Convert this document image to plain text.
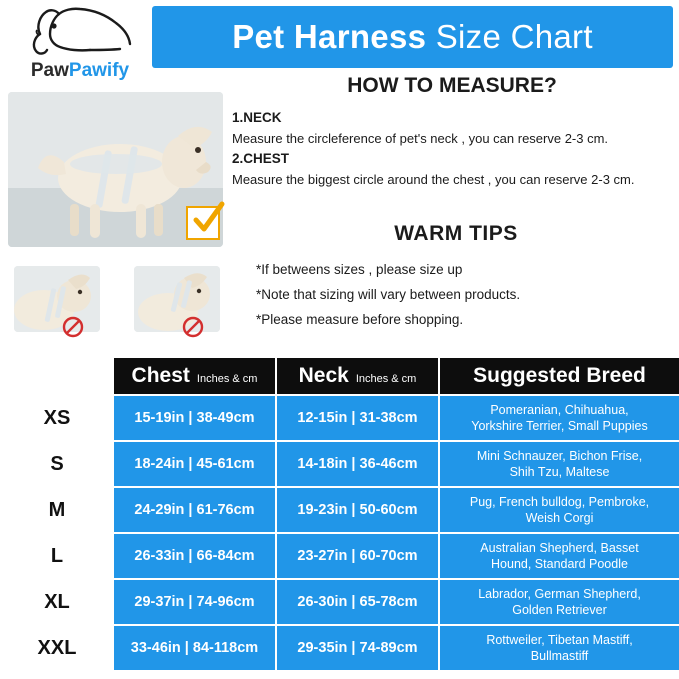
Pet Harness Size Chart
PawPawify
HOW TO MEASURE?
1.NECK
Measure the circleference of pet's neck , you can reserve 2-3 cm.
2.CHEST
Measure the biggest circle around the chest , you can reserve 2-3 cm.
WARM TIPS
*If betweens sizes , please size up
*Note that sizing will vary between products.
*Please measure before shopping.

	Chest Inches & cm	Neck Inches & cm	Suggested Breed
XS	15-19in | 38-49cm	12-15in | 31-38cm	Pomeranian, Chihuahua,
Yorkshire Terrier, Small Puppies
S	18-24in | 45-61cm	14-18in | 36-46cm	Mini Schnauzer, Bichon Frise,
Shih Tzu, Maltese
M	24-29in | 61-76cm	19-23in | 50-60cm	Pug, French bulldog, Pembroke,
Weish Corgi
L	26-33in | 66-84cm	23-27in | 60-70cm	Australian Shepherd, Basset
Hound, Standard Poodle
XL	29-37in | 74-96cm	26-30in | 65-78cm	Labrador, German Shepherd,
Golden Retriever
XXL	33-46in | 84-118cm	29-35in | 74-89cm	Rottweiler, Tibetan Mastiff,
Bullmastiff
